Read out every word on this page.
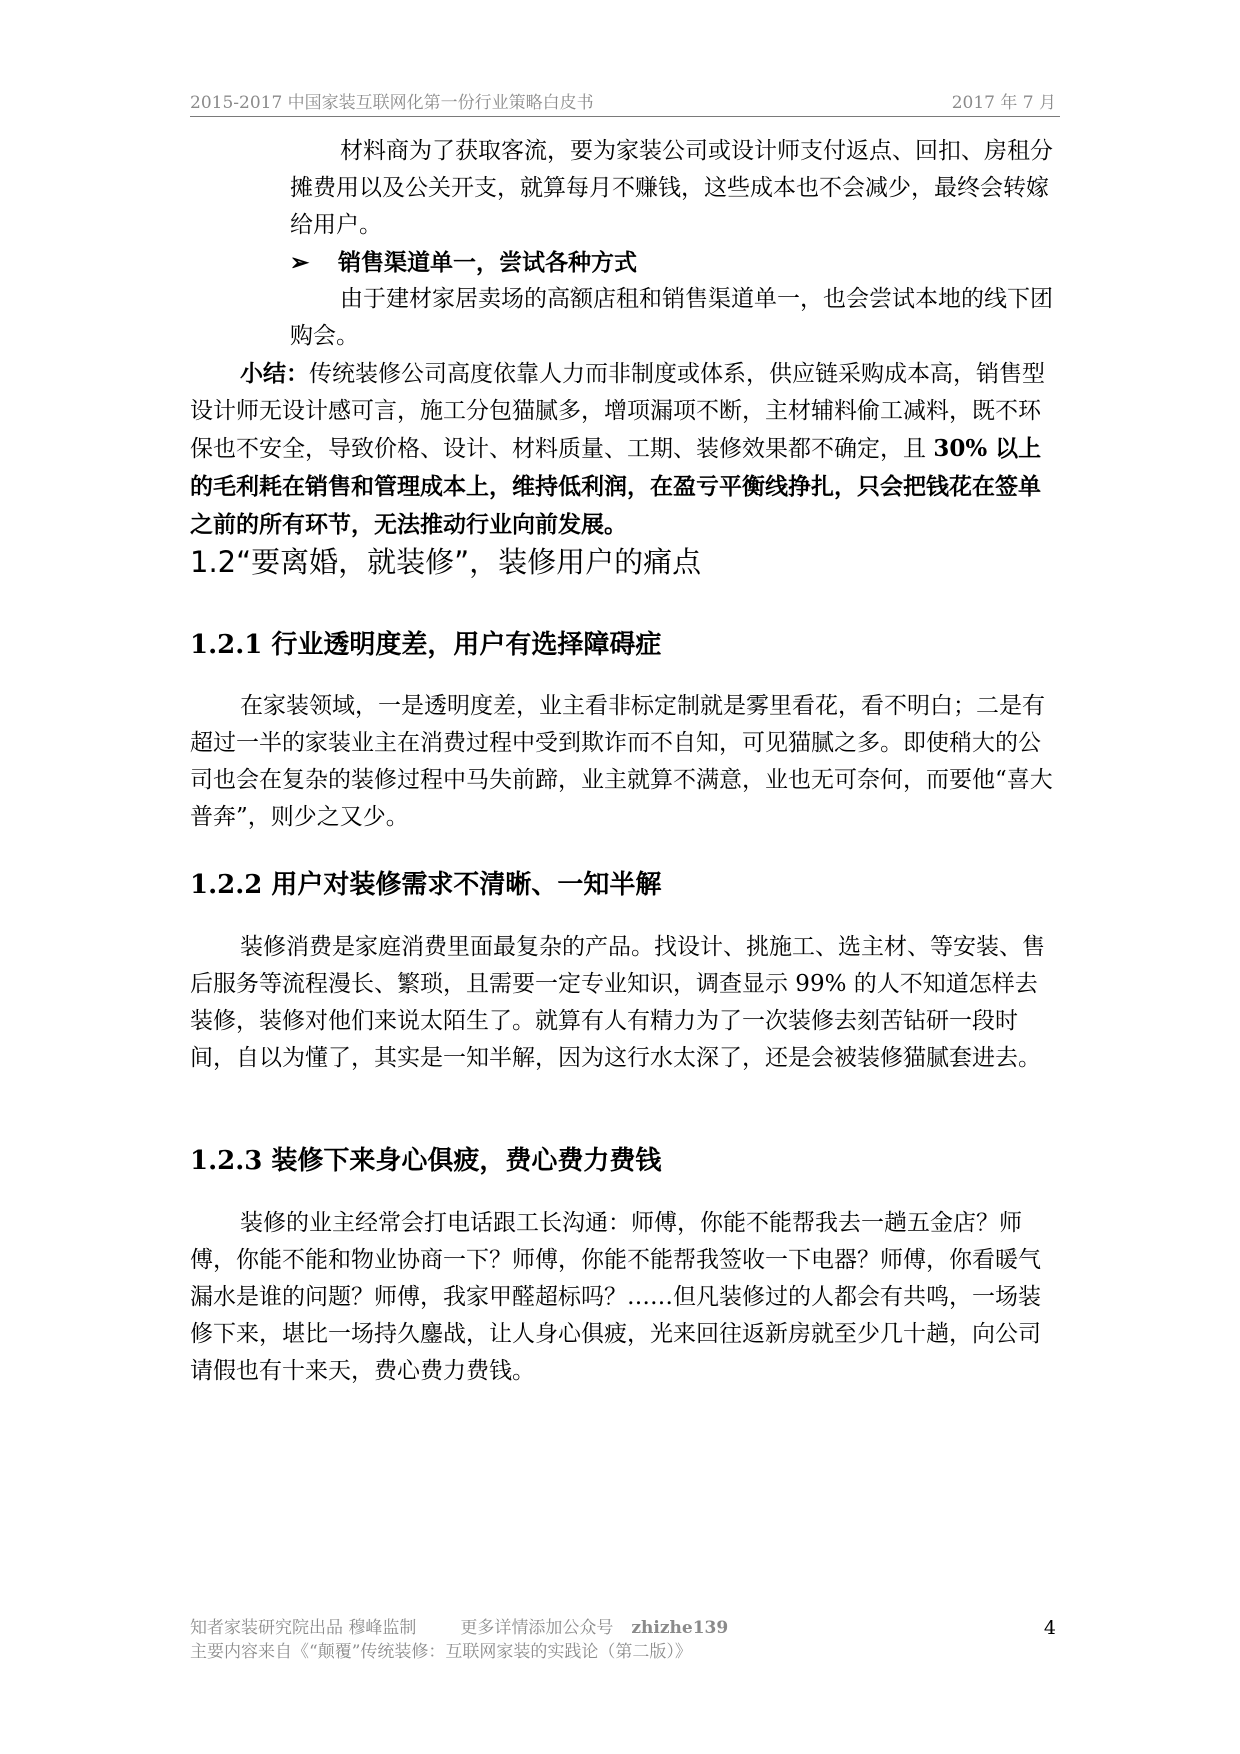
2015-2017 中国家装互联网化第一份行业策略白皮书	2017 年 7 月
材料商为了获取客流，要为家装公司或设计师支付返点、回扣、房租分摊费用以及公关开支，就算每月不赚钱，这些成本也不会减少，最终会转嫁给用户。
➢ 销售渠道单一，尝试各种方式
由于建材家居卖场的高额店租和销售渠道单一，也会尝试本地的线下团购会。
小结：传统装修公司高度依靠人力而非制度或体系，供应链采购成本高，销售型设计师无设计感可言，施工分包猫腻多，增项漏项不断，主材辅料偷工减料，既不环保也不安全，导致价格、设计、材料质量、工期、装修效果都不确定，且 30% 以上的毛利耗在销售和管理成本上，维持低利润，在盈亏平衡线挣扎，只会把钱花在签单之前的所有环节，无法推动行业向前发展。
1.2“要离婚，就装修”，装修用户的痛点
1.2.1 行业透明度差，用户有选择障碍症
在家装领域，一是透明度差，业主看非标定制就是雾里看花，看不明白；二是有超过一半的家装业主在消费过程中受到欺诈而不自知，可见猫腻之多。即使稍大的公司也会在复杂的装修过程中马失前蹄，业主就算不满意，业也无可奈何，而要他“喜大普奔”，则少之又少。
1.2.2 用户对装修需求不清晰、一知半解
装修消费是家庭消费里面最复杂的产品。找设计、挑施工、选主材、等安装、售后服务等流程漫长、繁琐，且需要一定专业知识，调查显示 99% 的人不知道怎样去装修，装修对他们来说太陌生了。就算有人有精力为了一次装修去刻苦钻研一段时间，自以为懂了，其实是一知半解，因为这行水太深了，还是会被装修猫腻套进去。
1.2.3 装修下来身心俱疲，费心费力费钱
装修的业主经常会打电话跟工长沟通：师傅，你能不能帮我去一趟五金店？师傅，你能不能和物业协商一下？师傅，你能不能帮我签收一下电器？师傅，你看暖气漏水是谁的问题？师傅，我家甲醛超标吗？……但凡装修过的人都会有共鸣，一场装修下来，堪比一场持久鏖战，让人身心俱疲，光来回往返新房就至少几十趟，向公司请假也有十来天，费心费力费钱。
知者家装研究院出品 穆峰监制	更多详情添加公众号 zhizhe139
主要内容来自《“颠覆”传统装修：互联网家装的实践论（第二版）》
4
